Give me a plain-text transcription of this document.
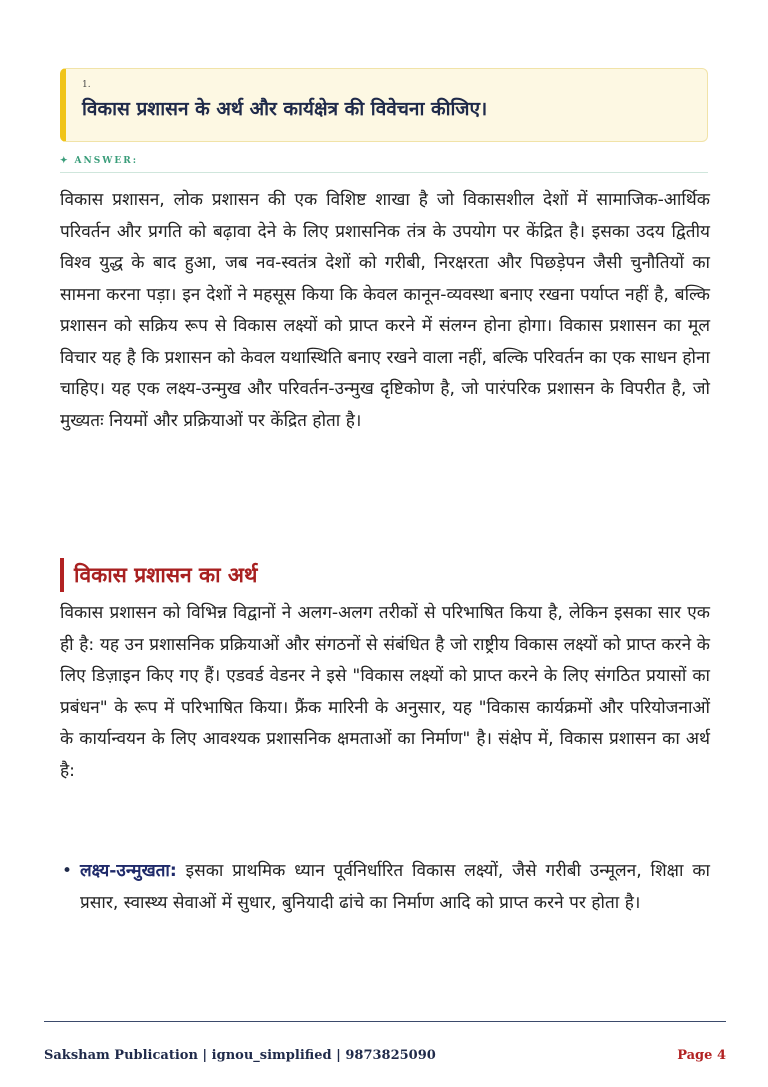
1.
विकास प्रशासन के अर्थ और कार्यक्षेत्र की विवेचना कीजिए।
✦ ANSWER:

विकास प्रशासन, लोक प्रशासन की एक विशिष्ट शाखा है जो विकासशील देशों में सामाजिक-आर्थिक परिवर्तन और प्रगति को बढ़ावा देने के लिए प्रशासनिक तंत्र के उपयोग पर केंद्रित है। इसका उदय द्वितीय विश्व युद्ध के बाद हुआ, जब नव-स्वतंत्र देशों को गरीबी, निरक्षरता और पिछड़ेपन जैसी चुनौतियों का सामना करना पड़ा। इन देशों ने महसूस किया कि केवल कानून-व्यवस्था बनाए रखना पर्याप्त नहीं है, बल्कि प्रशासन को सक्रिय रूप से विकास लक्ष्यों को प्राप्त करने में संलग्न होना होगा। विकास प्रशासन का मूल विचार यह है कि प्रशासन को केवल यथास्थिति बनाए रखने वाला नहीं, बल्कि परिवर्तन का एक साधन होना चाहिए। यह एक लक्ष्य-उन्मुख और परिवर्तन-उन्मुख दृष्टिकोण है, जो पारंपरिक प्रशासन के विपरीत है, जो मुख्यतः नियमों और प्रक्रियाओं पर केंद्रित होता है।

विकास प्रशासन का अर्थ

विकास प्रशासन को विभिन्न विद्वानों ने अलग-अलग तरीकों से परिभाषित किया है, लेकिन इसका सार एक ही है: यह उन प्रशासनिक प्रक्रियाओं और संगठनों से संबंधित है जो राष्ट्रीय विकास लक्ष्यों को प्राप्त करने के लिए डिज़ाइन किए गए हैं। एडवर्ड वेडनर ने इसे "विकास लक्ष्यों को प्राप्त करने के लिए संगठित प्रयासों का प्रबंधन" के रूप में परिभाषित किया। फ्रैंक मारिनी के अनुसार, यह "विकास कार्यक्रमों और परियोजनाओं के कार्यान्वयन के लिए आवश्यक प्रशासनिक क्षमताओं का निर्माण" है। संक्षेप में, विकास प्रशासन का अर्थ है:

• लक्ष्य-उन्मुखता: इसका प्राथमिक ध्यान पूर्वनिर्धारित विकास लक्ष्यों, जैसे गरीबी उन्मूलन, शिक्षा का प्रसार, स्वास्थ्य सेवाओं में सुधार, बुनियादी ढांचे का निर्माण आदि को प्राप्त करने पर होता है।
Saksham Publication | ignou_simplified | 9873825090	Page 4
